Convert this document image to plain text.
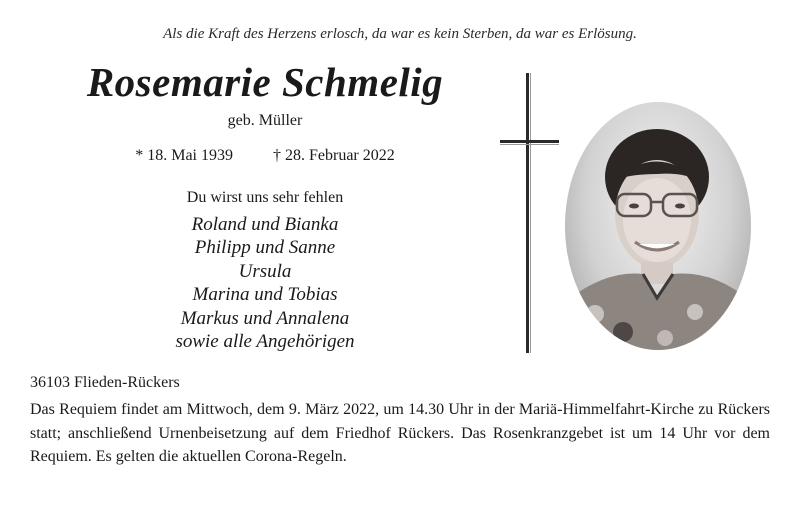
Als die Kraft des Herzens erlosch, da war es kein Sterben, da war es Erlösung.
Rosemarie Schmelig
geb. Müller
* 18. Mai 1939	† 28. Februar 2022
Du wirst uns sehr fehlen
Roland und Bianka
Philipp und Sanne
Ursula
Marina und Tobias
Markus und Annalena
sowie alle Angehörigen
36103 Flieden-Rückers
Das Requiem findet am Mittwoch, dem 9. März 2022, um 14.30 Uhr in der Mariä-Himmelfahrt-Kirche zu Rückers statt; anschließend Urnenbeisetzung auf dem Friedhof Rückers. Das Rosenkranzgebet ist um 14 Uhr vor dem Requiem. Es gelten die aktuellen Corona-Regeln.
